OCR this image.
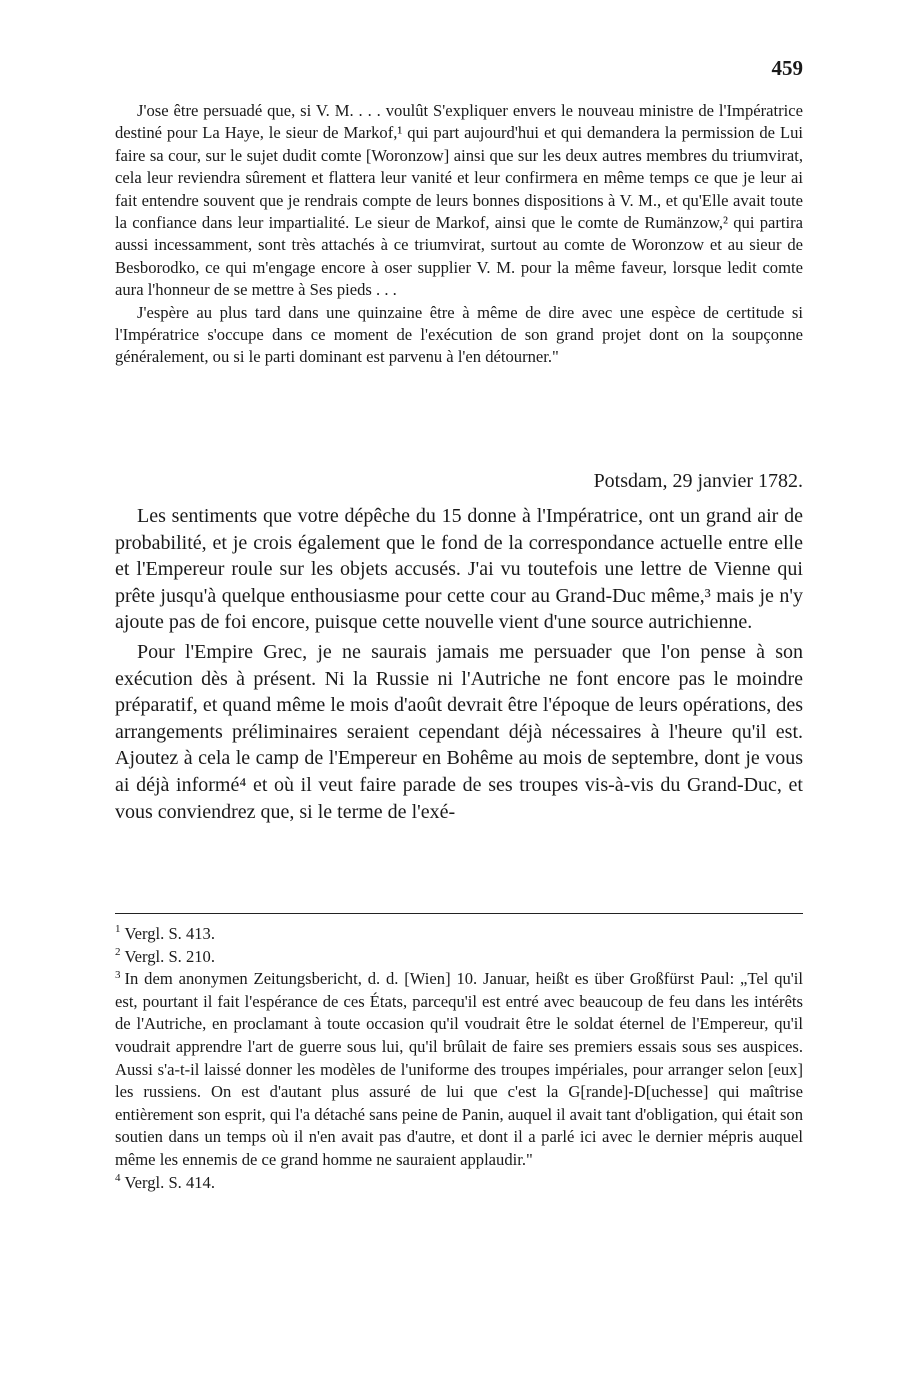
459

J'ose être persuadé que, si V. M. . . . voulût S'expliquer envers le nouveau ministre de l'Impératrice destiné pour La Haye, le sieur de Markof,¹ qui part aujourd'hui et qui demandera la permission de Lui faire sa cour, sur le sujet dudit comte [Woronzow] ainsi que sur les deux autres membres du triumvirat, cela leur reviendra sûrement et flattera leur vanité et leur confirmera en même temps ce que je leur ai fait entendre souvent que je rendrais compte de leurs bonnes dispositions à V. M., et qu'Elle avait toute la confiance dans leur impartialité. Le sieur de Markof, ainsi que le comte de Rumänzow,² qui partira aussi incessamment, sont très attachés à ce triumvirat, surtout au comte de Woronzow et au sieur de Besborodko, ce qui m'engage encore à oser supplier V. M. pour la même faveur, lorsque ledit comte aura l'honneur de se mettre à Ses pieds . . .

J'espère au plus tard dans une quinzaine être à même de dire avec une espèce de certitude si l'Impératrice s'occupe dans ce moment de l'exécution de son grand projet dont on la soupçonne généralement, ou si le parti dominant est parvenu à l'en détourner."

Potsdam, 29 janvier 1782.

Les sentiments que votre dépêche du 15 donne à l'Impératrice, ont un grand air de probabilité, et je crois également que le fond de la correspondance actuelle entre elle et l'Empereur roule sur les objets accusés. J'ai vu toutefois une lettre de Vienne qui prête jusqu'à quelque enthousiasme pour cette cour au Grand-Duc même,³ mais je n'y ajoute pas de foi encore, puisque cette nouvelle vient d'une source autrichienne.

Pour l'Empire Grec, je ne saurais jamais me persuader que l'on pense à son exécution dès à présent. Ni la Russie ni l'Autriche ne font encore pas le moindre préparatif, et quand même le mois d'août devrait être l'époque de leurs opérations, des arrangements préliminaires seraient cependant déjà nécessaires à l'heure qu'il est. Ajoutez à cela le camp de l'Empereur en Bohême au mois de septembre, dont je vous ai déjà informé⁴ et où il veut faire parade de ses troupes vis-à-vis du Grand-Duc, et vous conviendrez que, si le terme de l'exé-

$^1$ Vergl. S. 413.

$^2$ Vergl. S. 210.

$^3$ In dem anonymen Zeitungsbericht, d. d. [Wien] 10. Januar, heißt es über Großfürst Paul: „Tel qu'il est, pourtant il fait l'espérance de ces États, parcequ'il est entré avec beaucoup de feu dans les intérêts de l'Autriche, en proclamant à toute occasion qu'il voudrait être le soldat éternel de l'Empereur, qu'il voudrait apprendre l'art de guerre sous lui, qu'il brûlait de faire ses premiers essais sous ses auspices. Aussi s'a-t-il laissé donner les modèles de l'uniforme des troupes impériales, pour arranger selon [eux] les russiens. On est d'autant plus assuré de lui que c'est la G[rande]-D[uchesse] qui maîtrise entièrement son esprit, qui l'a détaché sans peine de Panin, auquel il avait tant d'obligation, qui était son soutien dans un temps où il n'en avait pas d'autre, et dont il a parlé ici avec le dernier mépris auquel même les ennemis de ce grand homme ne sauraient applaudir."

$^4$ Vergl. S. 414.
